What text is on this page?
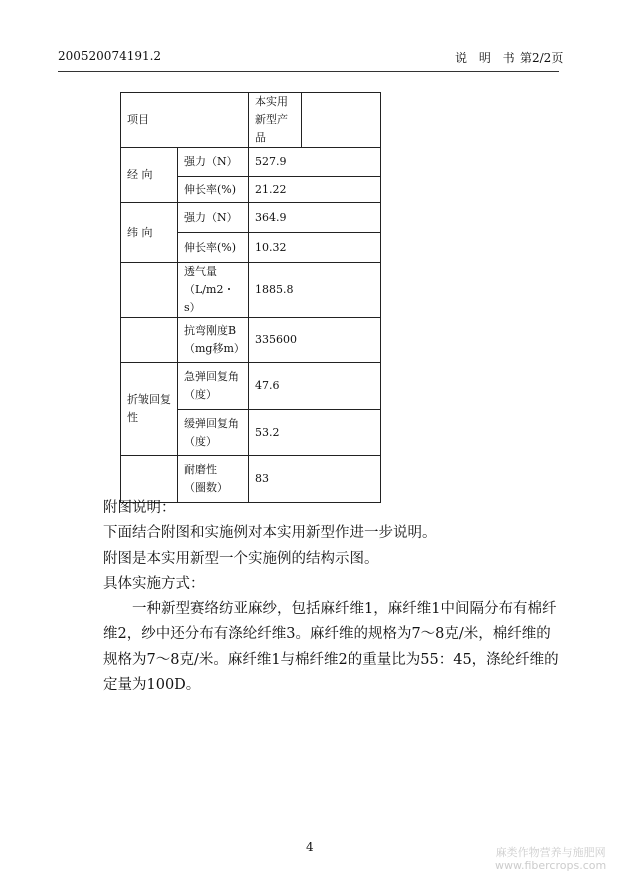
200520074191.2	说 明 书 第2/2页
项目		本实用新型产品	
经 向	强力（N）	527.9	
	伸长率(%)	21.22	
纬 向	强力（N）	364.9	
	伸长率(%)	10.32	
	透气量（L/m2・s）	1885.8	
	抗弯刚度B（mg移m）	335600	
折皱回复性	急弹回复角（度）	47.6	
	缓弹回复角（度）	53.2	
	耐磨性 （圈数）	83	

附图说明：

下面结合附图和实施例对本实用新型作进一步说明。

附图是本实用新型一个实施例的结构示图。

具体实施方式：

一种新型赛络纺亚麻纱，包括麻纤维1，麻纤维1中间隔分布有棉纤维2，纱中还分布有涤纶纤维3。麻纤维的规格为7～8克/米，棉纤维的规格为7～8克/米。麻纤维1与棉纤维2的重量比为55：45，涤纶纤维的定量为100D。

4	麻类作物营养与施肥网
www.fibercrops.com
